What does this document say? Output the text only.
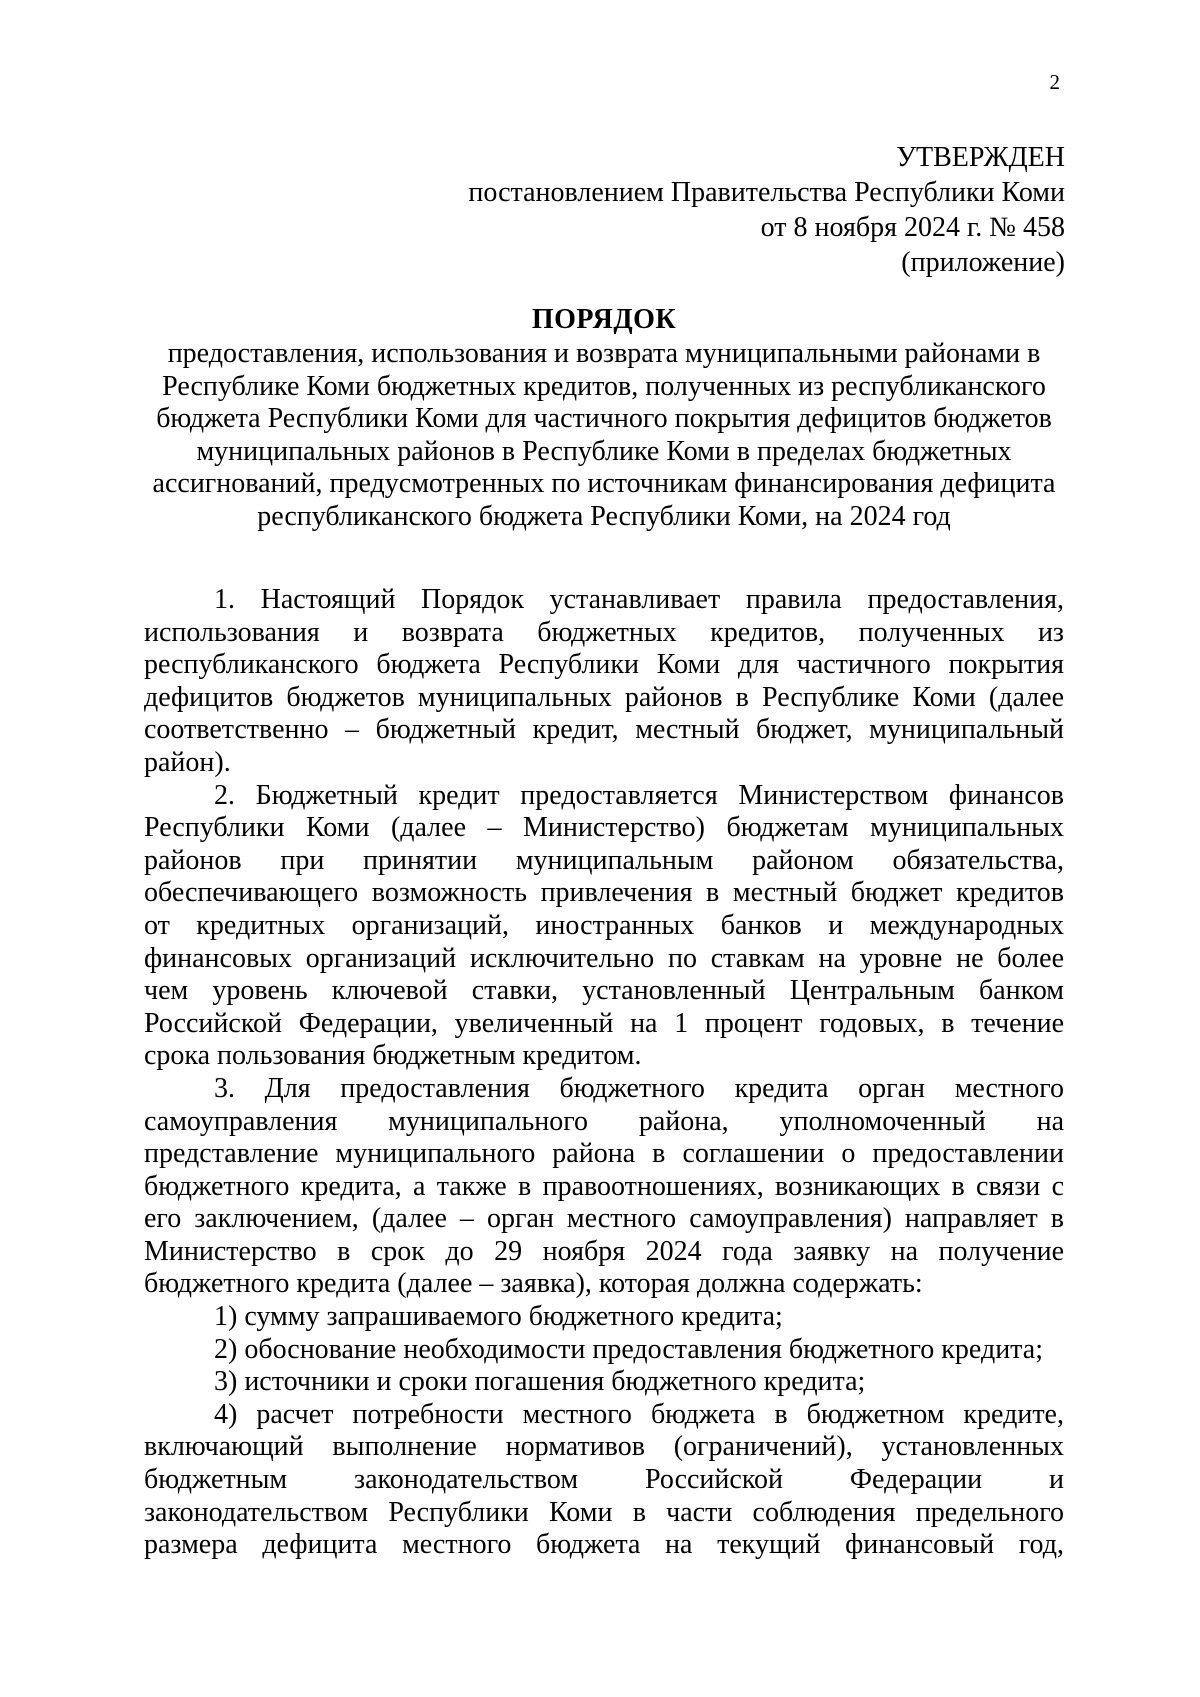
2
УТВЕРЖДЕН
постановлением Правительства Республики Коми
от 8 ноября 2024 г. № 458
(приложение)
ПОРЯДОК
предоставления, использования и возврата муниципальными районами в
Республике Коми бюджетных кредитов, полученных из республиканского
бюджета Республики Коми для частичного покрытия дефицитов бюджетов
муниципальных районов в Республике Коми в пределах бюджетных
ассигнований, предусмотренных по источникам финансирования дефицита
республиканского бюджета Республики Коми, на 2024 год
1. Настоящий Порядок устанавливает правила предоставления,
использования и возврата бюджетных кредитов, полученных из
республиканского бюджета Республики Коми для частичного покрытия
дефицитов бюджетов муниципальных районов в Республике Коми (далее
соответственно – бюджетный кредит, местный бюджет, муниципальный
район).
2. Бюджетный кредит предоставляется Министерством финансов
Республики Коми (далее – Министерство) бюджетам муниципальных
районов при принятии муниципальным районом обязательства,
обеспечивающего возможность привлечения в местный бюджет кредитов
от кредитных организаций, иностранных банков и международных
финансовых организаций исключительно по ставкам на уровне не более
чем уровень ключевой ставки, установленный Центральным банком
Российской Федерации, увеличенный на 1 процент годовых, в течение
срока пользования бюджетным кредитом.
3. Для предоставления бюджетного кредита орган местного
самоуправления муниципального района, уполномоченный на
представление муниципального района в соглашении о предоставлении
бюджетного кредита, а также в правоотношениях, возникающих в связи с
его заключением, (далее – орган местного самоуправления) направляет в
Министерство в срок до 29 ноября 2024 года заявку на получение
бюджетного кредита (далее – заявка), которая должна содержать:
1) сумму запрашиваемого бюджетного кредита;
2) обоснование необходимости предоставления бюджетного кредита;
3) источники и сроки погашения бюджетного кредита;
4) расчет потребности местного бюджета в бюджетном кредите,
включающий выполнение нормативов (ограничений), установленных
бюджетным законодательством Российской Федерации и
законодательством Республики Коми в части соблюдения предельного
размера дефицита местного бюджета на текущий финансовый год,
